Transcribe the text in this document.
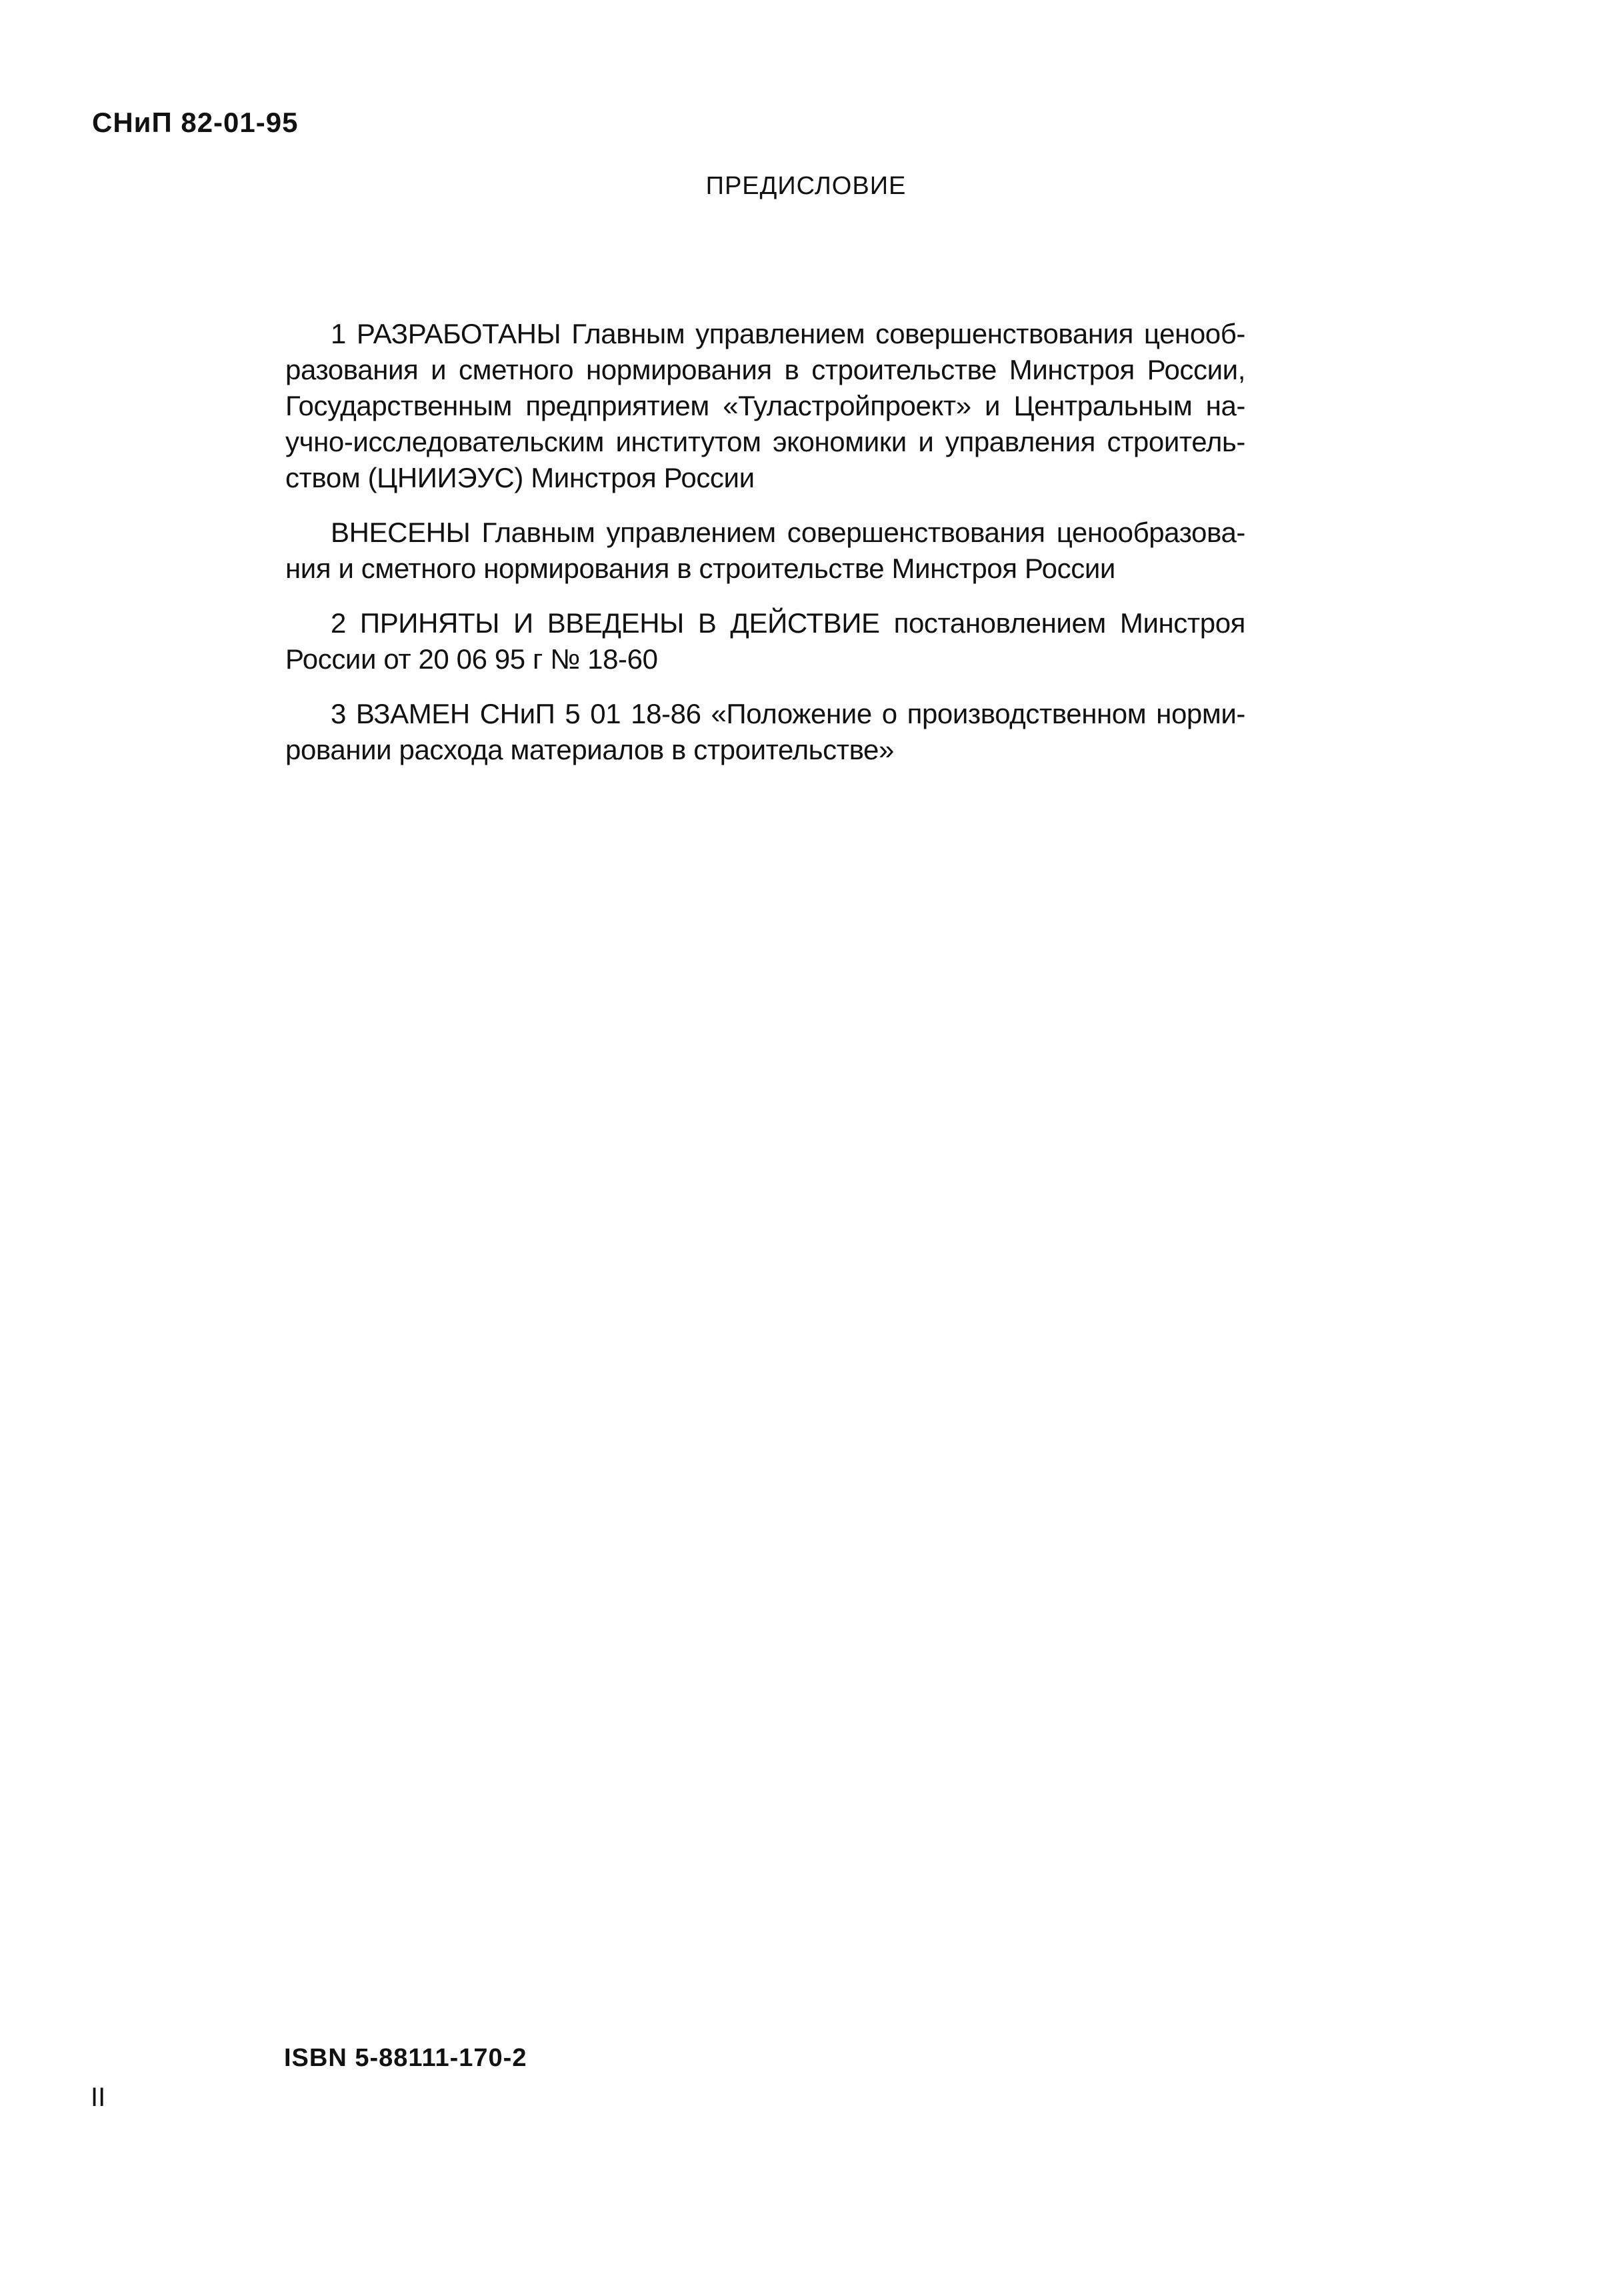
СНиП 82-01-95

ПРЕДИСЛОВИЕ

1 РАЗРАБОТАНЫ Главным управлением совершенствования ценооб-
разования и сметного нормирования в строительстве Минстроя России,
Государственным предприятием «Туластройпроект» и Центральным на-
учно-исследовательским институтом экономики и управления строитель-
ством (ЦНИИЭУС) Минстроя России

ВНЕСЕНЫ Главным управлением совершенствования ценообразова-
ния и сметного нормирования в строительстве Минстроя России

2 ПРИНЯТЫ И ВВЕДЕНЫ В ДЕЙСТВИЕ постановлением Минстроя
России от 20 06 95 г № 18-60

3 ВЗАМЕН СНиП 5 01 18-86 «Положение о производственном норми-
ровании расхода материалов в строительстве»

ISBN 5-88111-170-2

II
